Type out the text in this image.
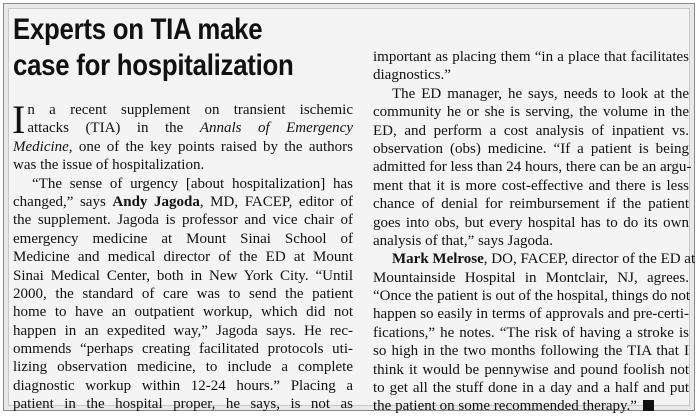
Experts on TIA make
case for hospitalization
I n a recent supplement on transient ischemic
attacks (TIA) in the Annals of Emergency
Medicine, one of the key points raised by the authors
was the issue of hospitalization.
“The sense of urgency [about hospitalization] has
changed,” says Andy Jagoda, MD, FACEP, editor of
the supplement. Jagoda is professor and vice chair of
emergency medicine at Mount Sinai School of
Medicine and medical director of the ED at Mount
Sinai Medical Center, both in New York City. “Until
2000, the standard of care was to send the patient
home to have an outpatient workup, which did not
happen in an expedited way,” Jagoda says. He rec-
ommends “perhaps creating facilitated protocols uti-
lizing observation medicine, to include a complete
diagnostic workup within 12-24 hours.” Placing a
patient in the hospital proper, he says, is not as
important as placing them “in a place that facilitates
diagnostics.”
The ED manager, he says, needs to look at the
community he or she is serving, the volume in the
ED, and perform a cost analysis of inpatient vs.
observation (obs) medicine. “If a patient is being
admitted for less than 24 hours, there can be an argu-
ment that it is more cost-effective and there is less
chance of denial for reimbursement if the patient
goes into obs, but every hospital has to do its own
analysis of that,” says Jagoda.
Mark Melrose, DO, FACEP, director of the ED at
Mountainside Hospital in Montclair, NJ, agrees.
“Once the patient is out of the hospital, things do not
happen so easily in terms of approvals and pre-certi-
fications,” he notes. “The risk of having a stroke is
so high in the two months following the TIA that I
think it would be pennywise and pound foolish not
to get all the stuff done in a day and a half and put
the patient on some recommended therapy.”
